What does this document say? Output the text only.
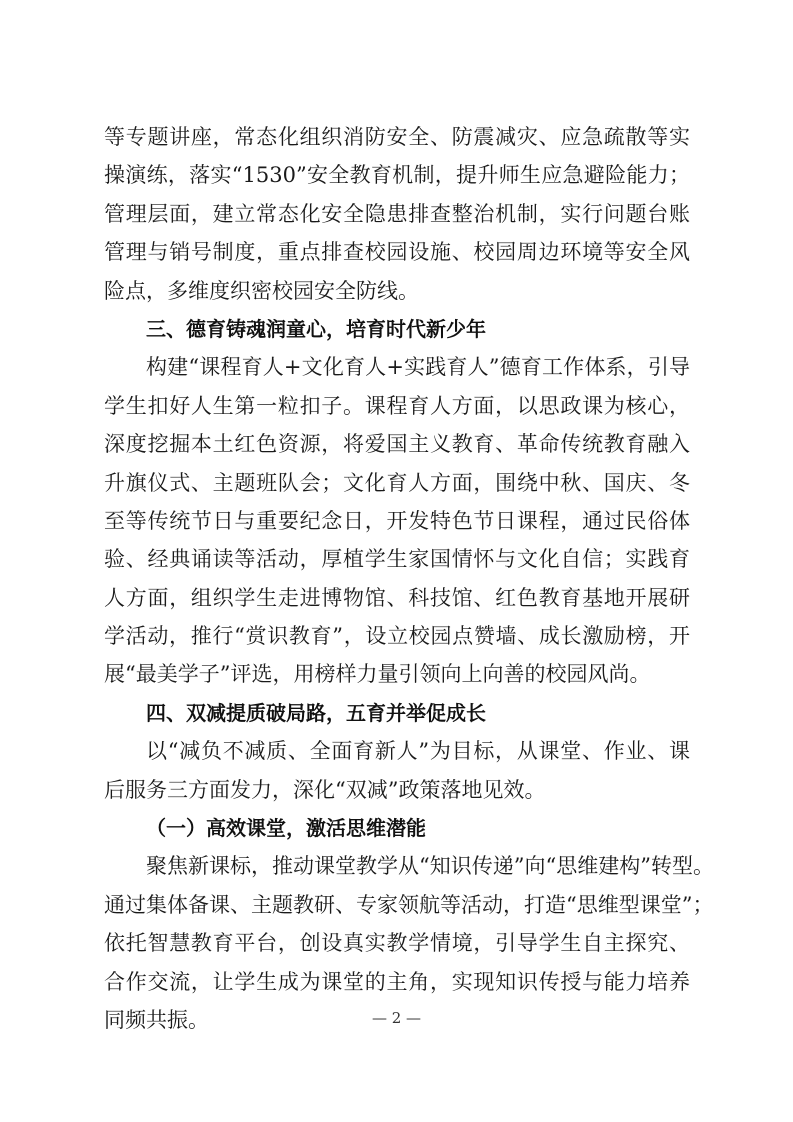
等专题讲座，常态化组织消防安全、防震减灾、应急疏散等实
操演练，落实“1530”安全教育机制，提升师生应急避险能力；
管理层面，建立常态化安全隐患排查整治机制，实行问题台账
管理与销号制度，重点排查校园设施、校园周边环境等安全风
险点，多维度织密校园安全防线。
三、德育铸魂润童心，培育时代新少年
构建“课程育人+文化育人+实践育人”德育工作体系，引导
学生扣好人生第一粒扣子。课程育人方面，以思政课为核心，
深度挖掘本土红色资源，将爱国主义教育、革命传统教育融入
升旗仪式、主题班队会；文化育人方面，围绕中秋、国庆、冬
至等传统节日与重要纪念日，开发特色节日课程，通过民俗体
验、经典诵读等活动，厚植学生家国情怀与文化自信；实践育
人方面，组织学生走进博物馆、科技馆、红色教育基地开展研
学活动，推行“赏识教育”，设立校园点赞墙、成长激励榜，开
展“最美学子”评选，用榜样力量引领向上向善的校园风尚。
四、双减提质破局路，五育并举促成长
以“减负不减质、全面育新人”为目标，从课堂、作业、课
后服务三方面发力，深化“双减”政策落地见效。
（一）高效课堂，激活思维潜能
聚焦新课标，推动课堂教学从“知识传递”向“思维建构”转型。
通过集体备课、主题教研、专家领航等活动，打造“思维型课堂”；
依托智慧教育平台，创设真实教学情境，引导学生自主探究、
合作交流，让学生成为课堂的主角，实现知识传授与能力培养
同频共振。	— 2 —
